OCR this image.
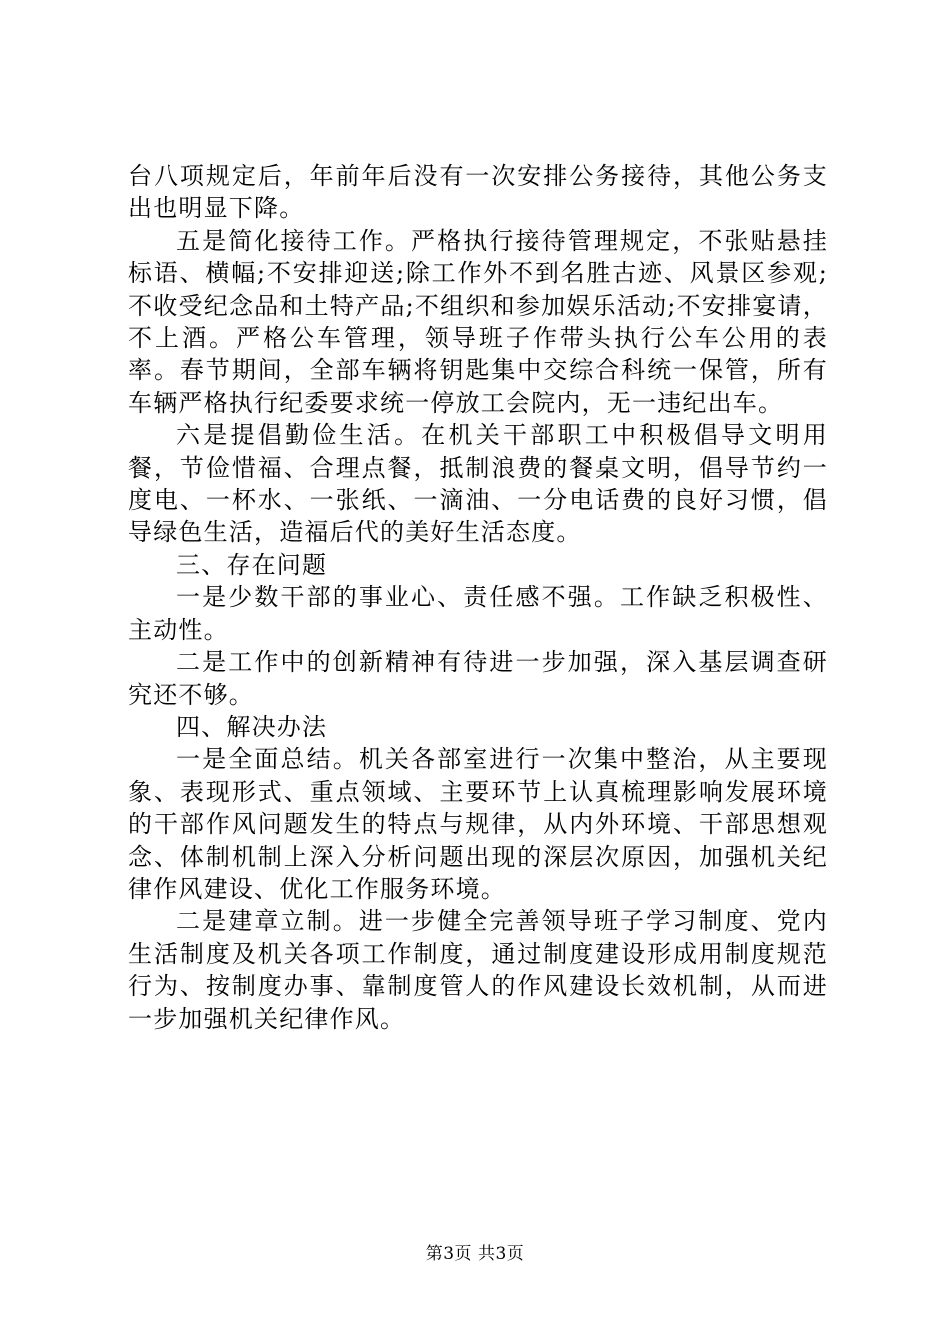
台八项规定后，年前年后没有一次安排公务接待，其他公务支出也明显下降。

五是简化接待工作。严格执行接待管理规定，不张贴悬挂标语、横幅;不安排迎送;除工作外不到名胜古迹、风景区参观;不收受纪念品和土特产品;不组织和参加娱乐活动;不安排宴请，不上酒。严格公车管理，领导班子作带头执行公车公用的表率。春节期间，全部车辆将钥匙集中交综合科统一保管，所有车辆严格执行纪委要求统一停放工会院内，无一违纪出车。

六是提倡勤俭生活。在机关干部职工中积极倡导文明用餐，节俭惜福、合理点餐，抵制浪费的餐桌文明，倡导节约一度电、一杯水、一张纸、一滴油、一分电话费的良好习惯，倡导绿色生活，造福后代的美好生活态度。

三、存在问题

一是少数干部的事业心、责任感不强。工作缺乏积极性、主动性。

二是工作中的创新精神有待进一步加强，深入基层调查研究还不够。

四、解决办法

一是全面总结。机关各部室进行一次集中整治，从主要现象、表现形式、重点领域、主要环节上认真梳理影响发展环境的干部作风问题发生的特点与规律，从内外环境、干部思想观念、体制机制上深入分析问题出现的深层次原因，加强机关纪律作风建设、优化工作服务环境。

二是建章立制。进一步健全完善领导班子学习制度、党内生活制度及机关各项工作制度，通过制度建设形成用制度规范行为、按制度办事、靠制度管人的作风建设长效机制，从而进一步加强机关纪律作风。

第3页 共3页
